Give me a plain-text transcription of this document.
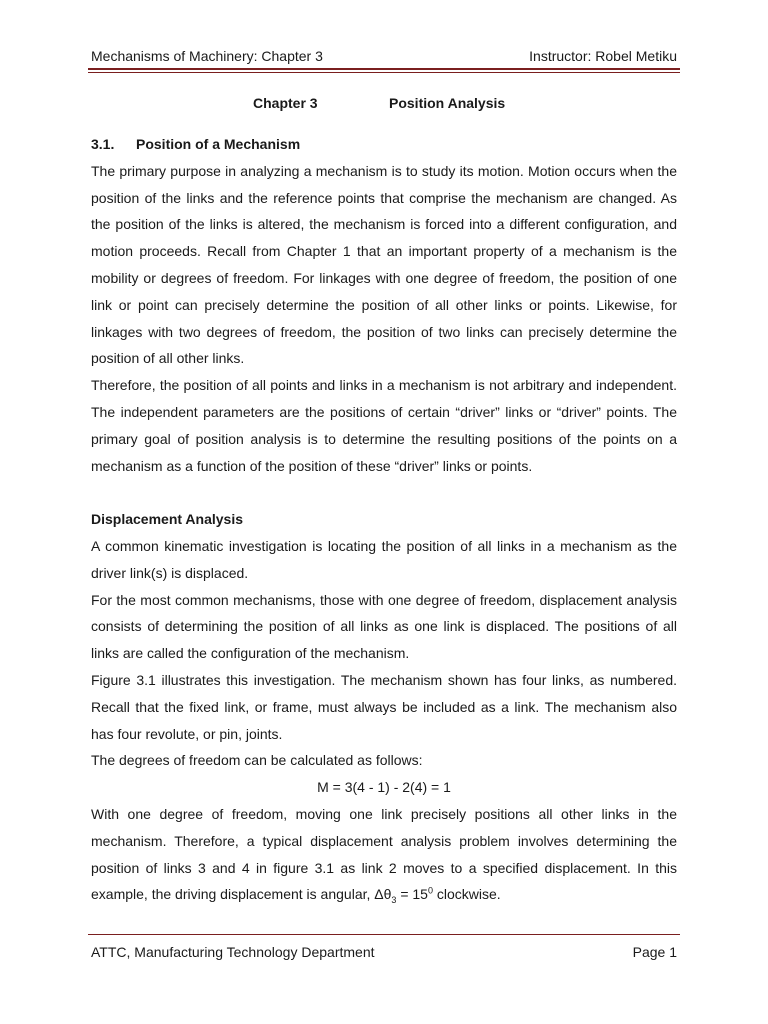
Mechanisms of Machinery: Chapter 3	Instructor: Robel Metiku
Chapter 3	Position Analysis

3.1. Position of a Mechanism

The primary purpose in analyzing a mechanism is to study its motion. Motion occurs when the position of the links and the reference points that comprise the mechanism are changed. As the position of the links is altered, the mechanism is forced into a different configuration, and motion proceeds. Recall from Chapter 1 that an important property of a mechanism is the mobility or degrees of freedom. For linkages with one degree of freedom, the position of one link or point can precisely determine the position of all other links or points. Likewise, for linkages with two degrees of freedom, the position of two links can precisely determine the position of all other links.

Therefore, the position of all points and links in a mechanism is not arbitrary and independent. The independent parameters are the positions of certain “driver” links or “driver” points. The primary goal of position analysis is to determine the resulting positions of the points on a mechanism as a function of the position of these “driver” links or points.

Displacement Analysis

A common kinematic investigation is locating the position of all links in a mechanism as the driver link(s) is displaced.

For the most common mechanisms, those with one degree of freedom, displacement analysis consists of determining the position of all links as one link is displaced. The positions of all links are called the configuration of the mechanism.

Figure 3.1 illustrates this investigation. The mechanism shown has four links, as numbered. Recall that the fixed link, or frame, must always be included as a link. The mechanism also has four revolute, or pin, joints.

The degrees of freedom can be calculated as follows:

M = 3(4 - 1) - 2(4) = 1

With one degree of freedom, moving one link precisely positions all other links in the mechanism. Therefore, a typical displacement analysis problem involves determining the position of links 3 and 4 in figure 3.1 as link 2 moves to a specified displacement. In this example, the driving displacement is angular, $\Delta\theta_3 = 15^0$ clockwise.

ATTC, Manufacturing Technology Department	Page 1
